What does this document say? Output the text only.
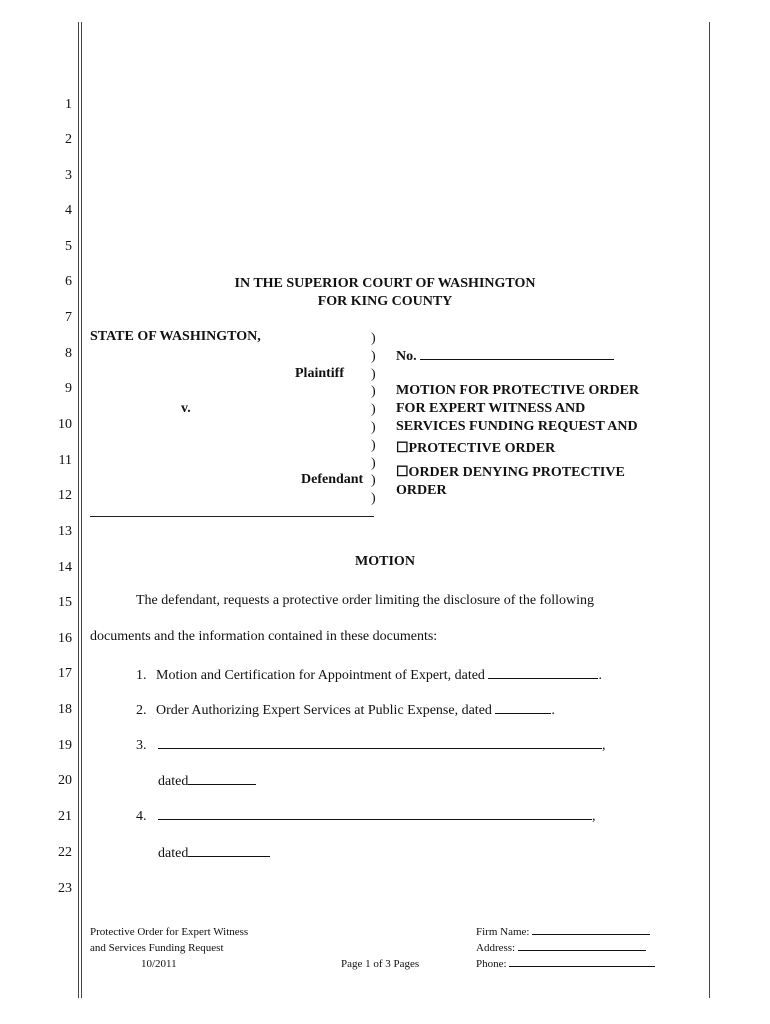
1
2
3
4
5
6
7
8
9
10
11
12
13
14
15
16
17
18
19
20
21
22
23
IN THE SUPERIOR COURT OF WASHINGTON
FOR KING COUNTY
STATE OF WASHINGTON,
Plaintiff
v.
Defendant
)
)
)
)
)
)
)
)
)
)
No.
MOTION FOR PROTECTIVE ORDER
FOR EXPERT WITNESS AND
SERVICES FUNDING REQUEST AND
☐PROTECTIVE ORDER
☐ORDER DENYING PROTECTIVE
ORDER
MOTION
The defendant, requests a protective order limiting the disclosure of the following
documents and the information contained in these documents:
1. Motion and Certification for Appointment of Expert, dated	.
2. Order Authorizing Expert Services at Public Expense, dated	.
3.	,
dated
4.	,
dated
Protective Order for Expert Witness
and Services Funding Request
10/2011	Page 1 of 3 Pages
Firm Name:
Address:
Phone:
